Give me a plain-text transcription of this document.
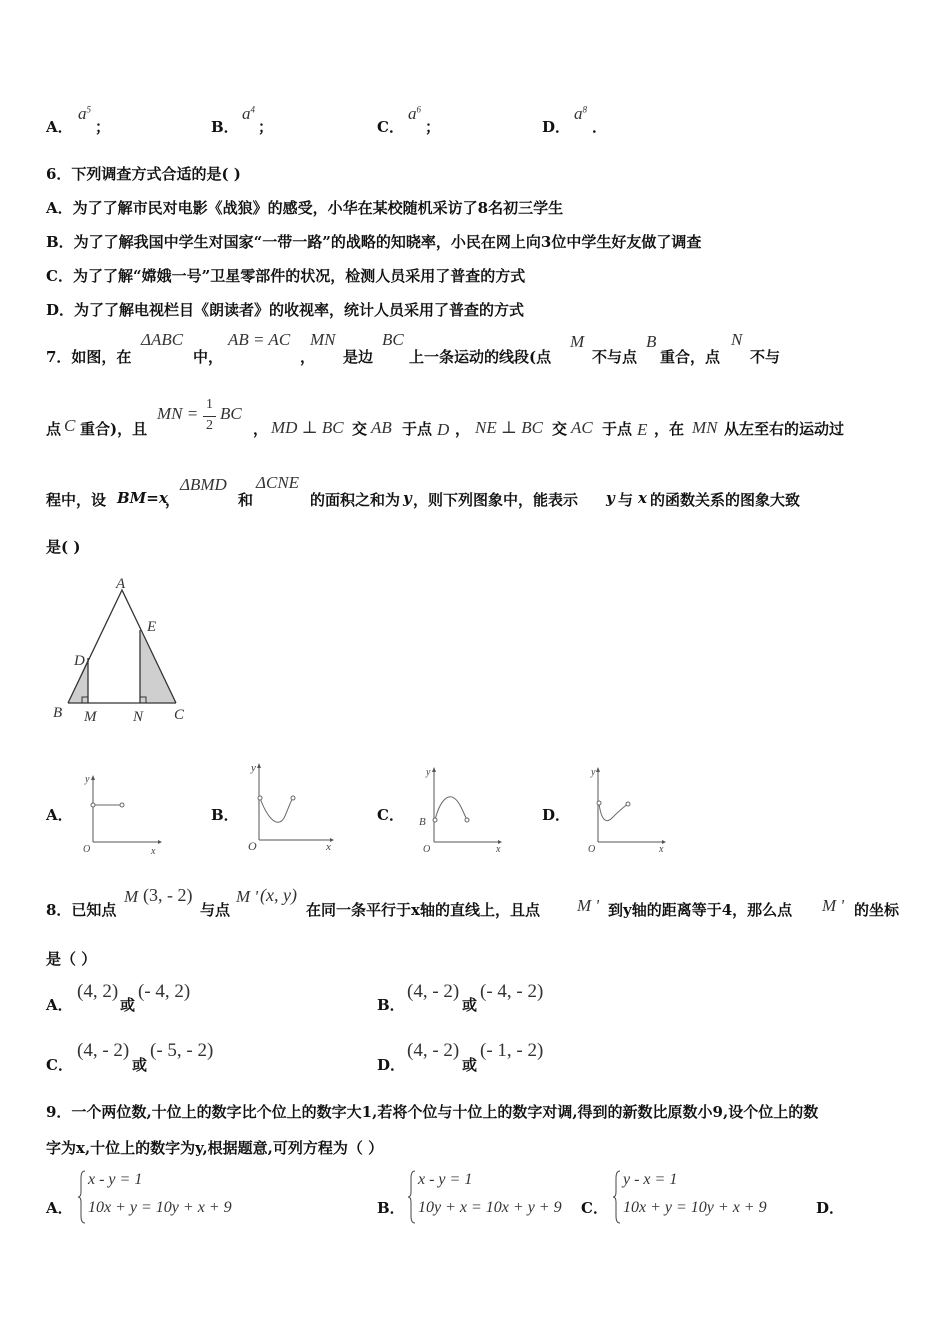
A．
$a^5$
；	B．
$a^4$
；	C．
$a^6$
；	D．
$a^8$
．
6．下列调查方式合适的是( )
A．为了了解市民对电影《战狼》的感受，小华在某校随机采访了8名初三学生
B．为了了解我国中学生对国家“一带一路”的战略的知晓率，小民在网上向3位中学生好友做了调查
C．为了了解“嫦娥一号”卫星零部件的状况，检测人员采用了普查的方式
D．为了了解电视栏目《朗读者》的收视率，统计人员采用了普查的方式
7．如图，在
ΔABC
中，
AB = AC
，
MN
是边
BC
上一条运动的线段(点
M
不与点
B
重合，点
N
不与
点 C 重合)，且
MN = 1
2
BC
， MD ⊥ BC 交 AB 于点 D ， NE ⊥ BC 交 AC 于点 E ，在 MN 从左至右的运动过
程中，设 BM=x
，
ΔBMD
和
ΔCNE
的面积之和为 y ，则下列图象中，能表示 y 与 x 的函数关系的图象大致
是( )
A
E
D
B M N C
A．
y
x
O
B．
y
x
O
C．
y
x
O
B	D．
y
x
O
8．已知点
M (3, - 2)
与点
M ' (x, y)
在同一条平行于x轴的直线上，且点 M ' 到y轴的距离等于4，那么点 M ' 的坐标
是（ ）
A．
(4, 2)
或
(- 4, 2)
B．
(4, - 2)
或
(- 4, - 2)
C．
(4, - 2)
或
(- 5, - 2)
D．
(4, - 2)
或
(- 1, - 2)
9．一个两位数,十位上的数字比个位上的数字大1,若将个位与十位上的数字对调,得到的新数比原数小9,设个位上的数
字为x,十位上的数字为y,根据题意,可列方程为（ ）
A．
x - y = 1
10x + y = 10y + x + 9	B．
x - y = 1
10y + x = 10x + y + 9 C．
y - x = 1
10x + y = 10y + x + 9	D．
